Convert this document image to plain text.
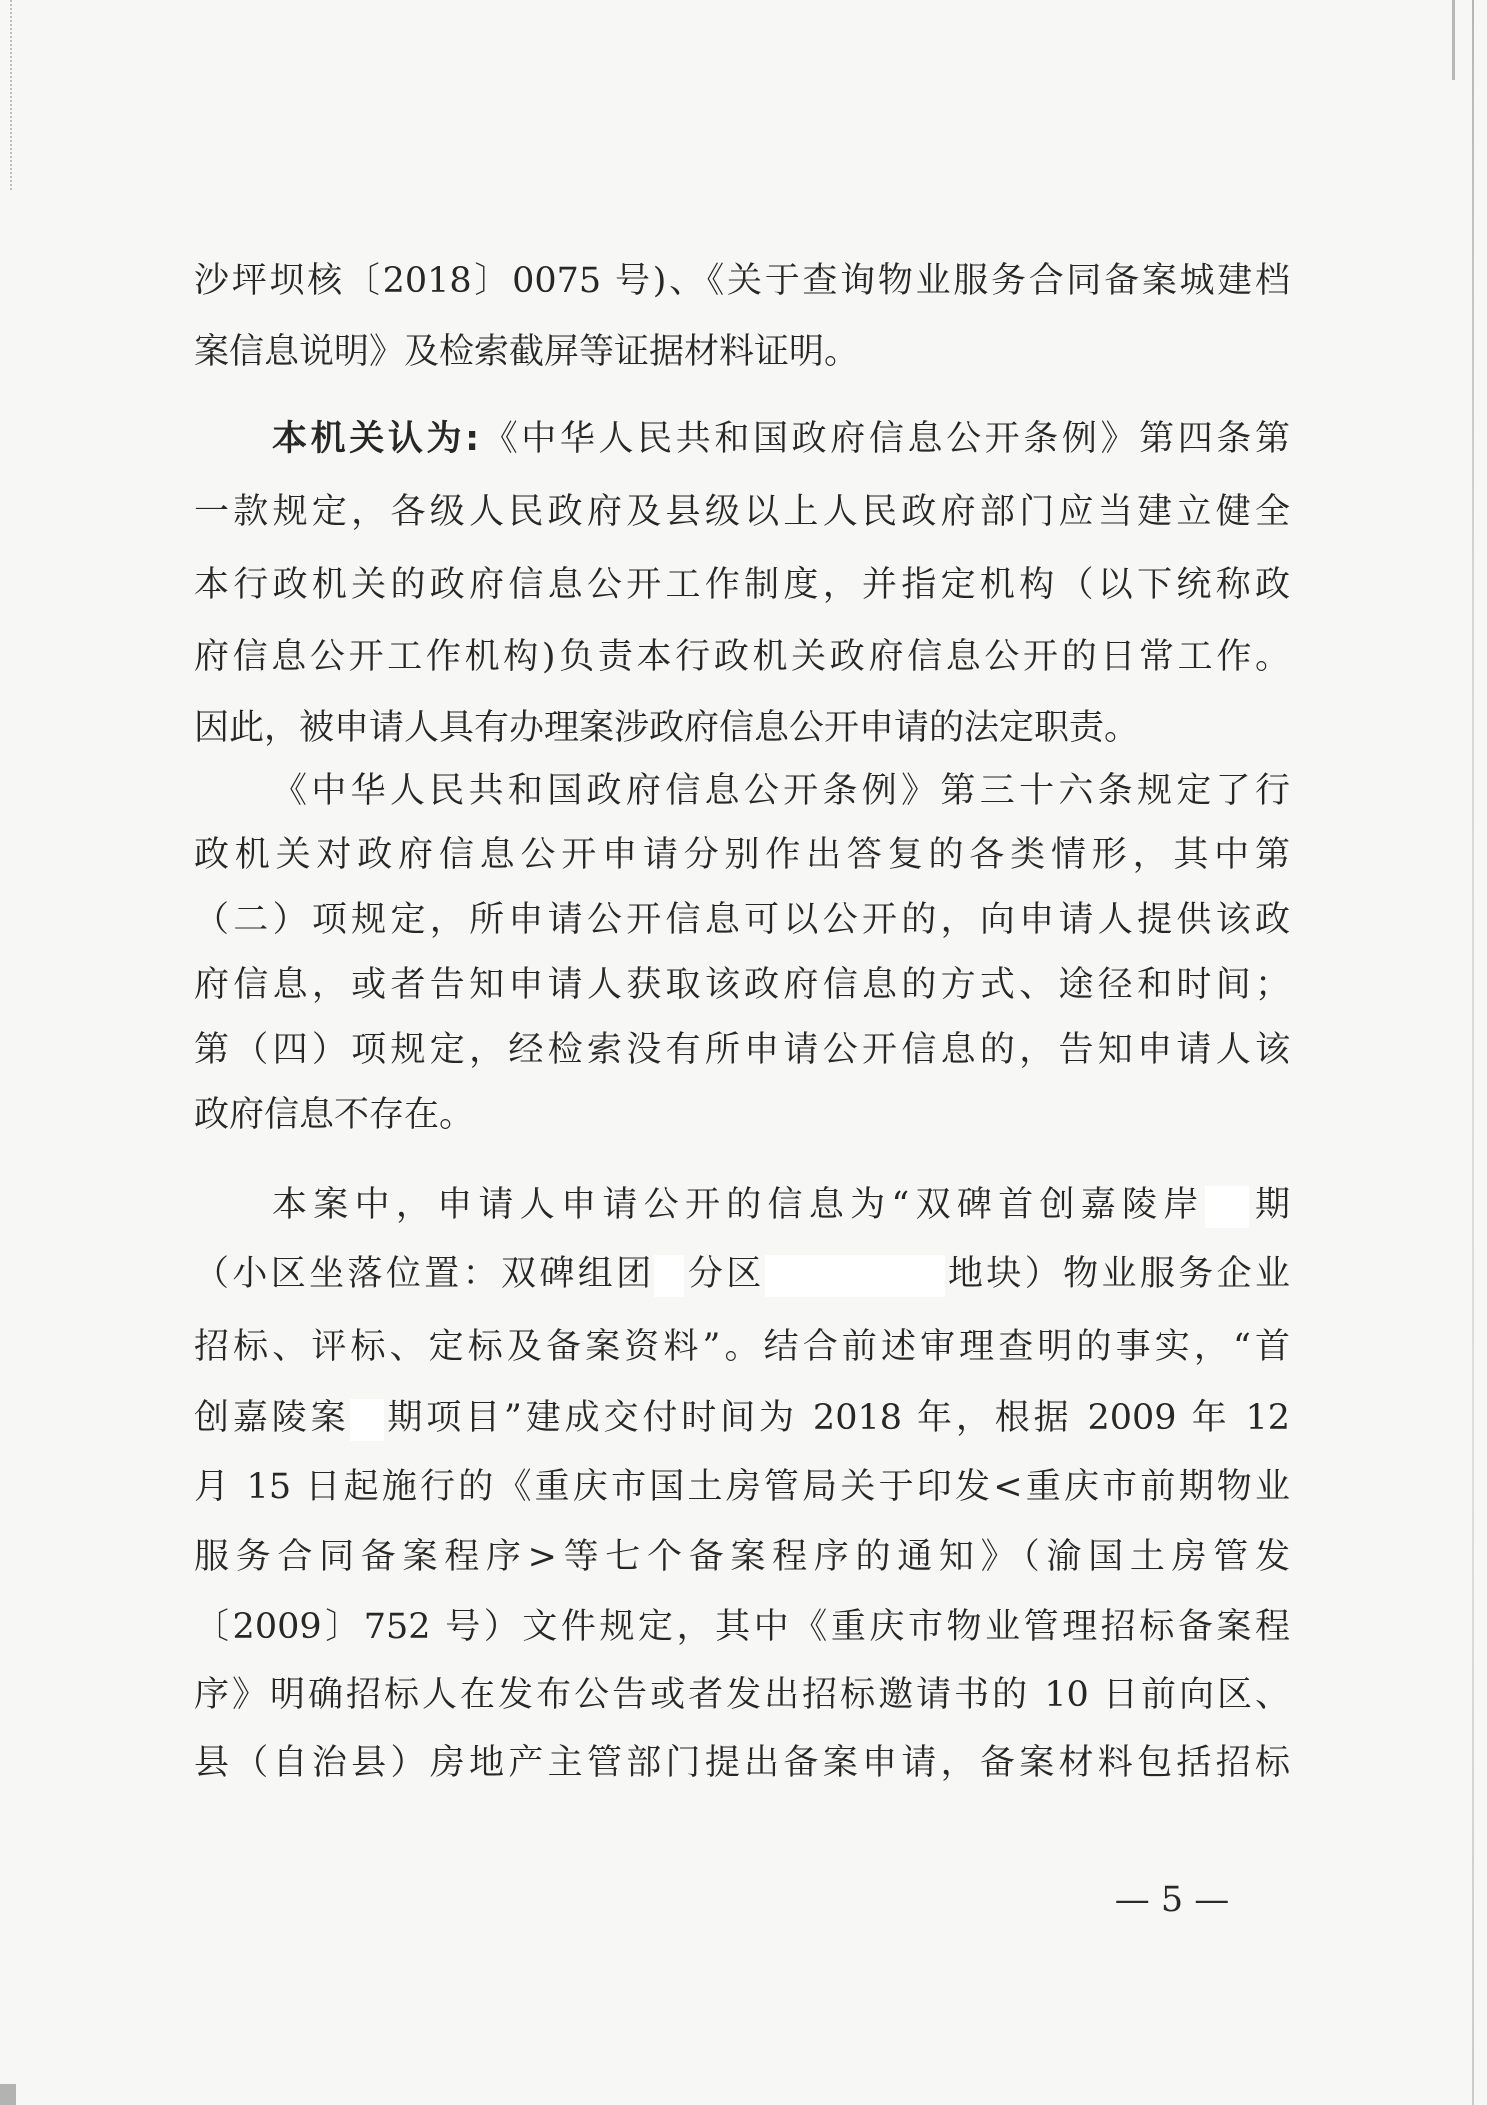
沙坪坝核〔2018〕0075 号)、《关于查询物业服务合同备案城建档
案信息说明》及检索截屏等证据材料证明。
本机关认为:《中华人民共和国政府信息公开条例》第四条第
一款规定，各级人民政府及县级以上人民政府部门应当建立健全
本行政机关的政府信息公开工作制度，并指定机构（以下统称政
府信息公开工作机构)负责本行政机关政府信息公开的日常工作。
因此，被申请人具有办理案涉政府信息公开申请的法定职责。
《中华人民共和国政府信息公开条例》第三十六条规定了行
政机关对政府信息公开申请分别作出答复的各类情形，其中第
（二）项规定，所申请公开信息可以公开的，向申请人提供该政
府信息，或者告知申请人获取该政府信息的方式、途径和时间；
第（四）项规定，经检索没有所申请公开信息的，告知申请人该
政府信息不存在。
本案中，申请人申请公开的信息为“双碑首创嘉陵岸 期
（小区坐落位置：双碑组团 分区	地块）物业服务企业
招标、评标、定标及备案资料”。结合前述审理查明的事实，“首
创嘉陵案 期项目”建成交付时间为 2018 年，根据 2009 年 12
月 15 日起施行的《重庆市国土房管局关于印发<重庆市前期物业
服务合同备案程序>等七个备案程序的通知》（渝国土房管发
〔2009〕752 号）文件规定，其中《重庆市物业管理招标备案程
序》明确招标人在发布公告或者发出招标邀请书的 10 日前向区、
县（自治县）房地产主管部门提出备案申请，备案材料包括招标
— 5 —
